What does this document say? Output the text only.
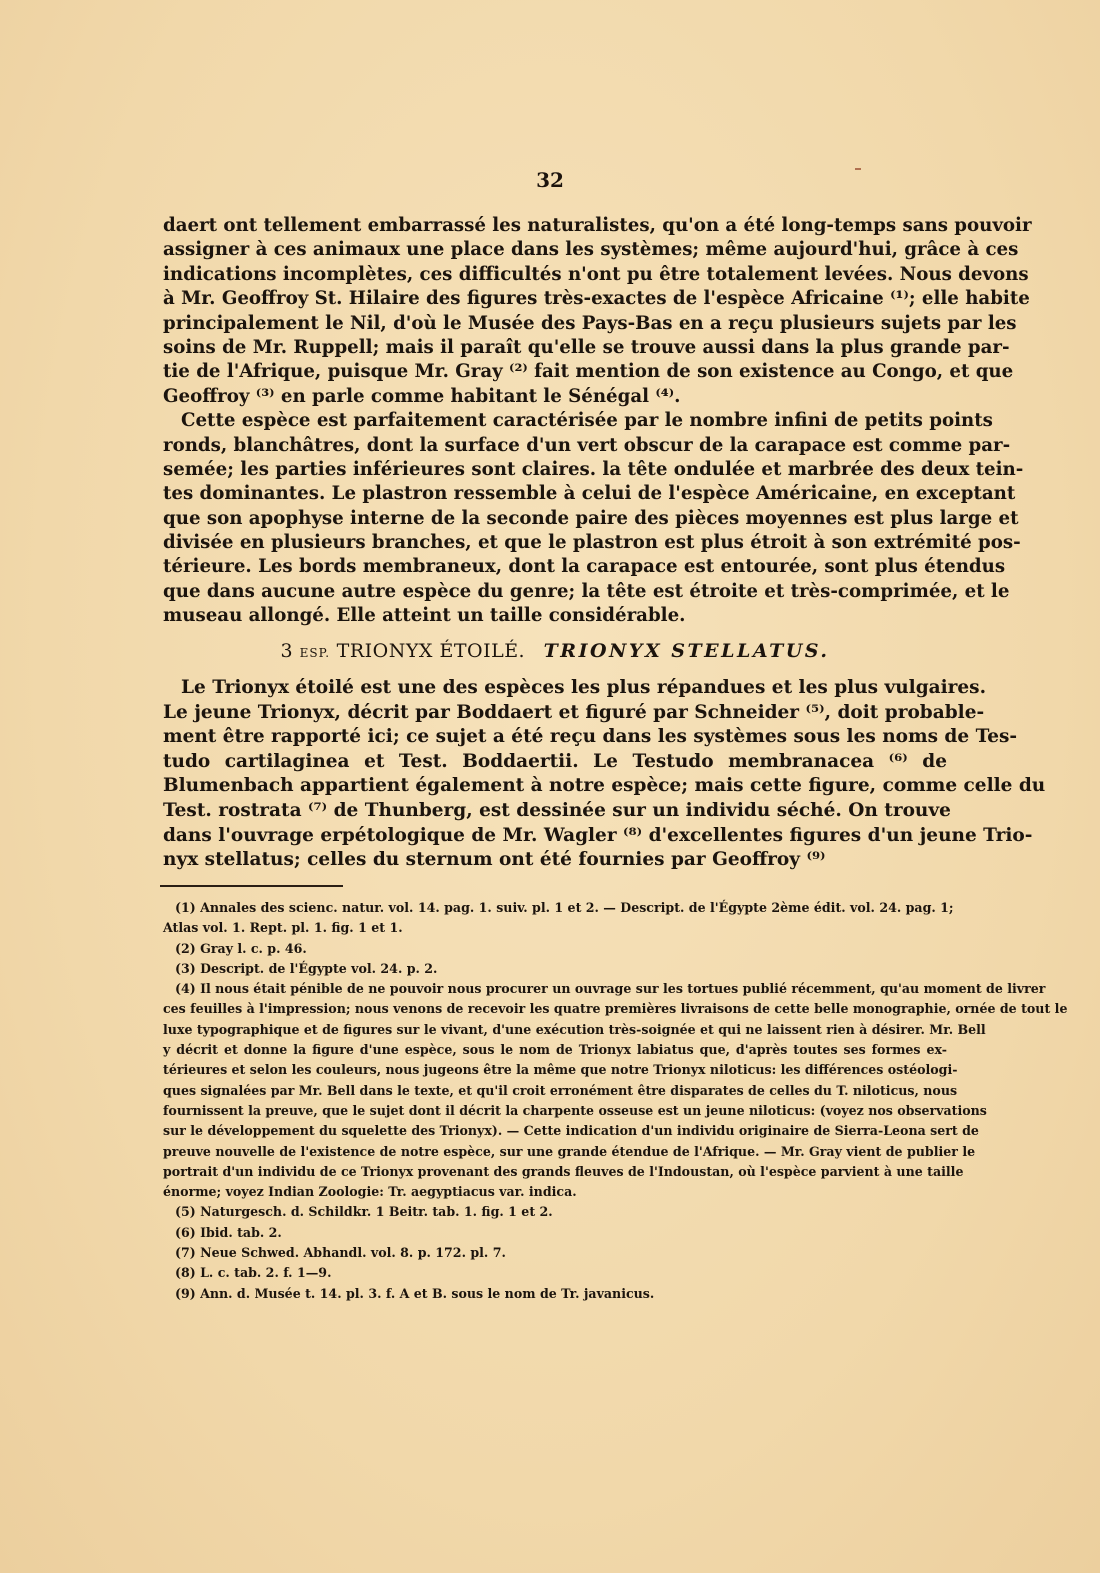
32
daert ont tellement embarrassé les naturalistes, qu'on a été long-temps sans pouvoir
assigner à ces animaux une place dans les systèmes; même aujourd'hui, grâce à ces
indications incomplètes, ces difficultés n'ont pu être totalement levées. Nous devons
à Mr. Geoffroy St. Hilaire des figures très-exactes de l'espèce Africaine ⁽¹⁾; elle habite
principalement le Nil, d'où le Musée des Pays-Bas en a reçu plusieurs sujets par les
soins de Mr. Ruppell; mais il paraît qu'elle se trouve aussi dans la plus grande par-
tie de l'Afrique, puisque Mr. Gray ⁽²⁾ fait mention de son existence au Congo, et que
Geoffroy ⁽³⁾ en parle comme habitant le Sénégal ⁽⁴⁾.
Cette espèce est parfaitement caractérisée par le nombre infini de petits points
ronds, blanchâtres, dont la surface d'un vert obscur de la carapace est comme par-
semée; les parties inférieures sont claires. la tête ondulée et marbrée des deux tein-
tes dominantes. Le plastron ressemble à celui de l'espèce Américaine, en exceptant
que son apophyse interne de la seconde paire des pièces moyennes est plus large et
divisée en plusieurs branches, et que le plastron est plus étroit à son extrémité pos-
térieure. Les bords membraneux, dont la carapace est entourée, sont plus étendus
que dans aucune autre espèce du genre; la tête est étroite et très-comprimée, et le
museau allongé. Elle atteint un taille considérable.
3 ESP. TRIONYX ÉTOILÉ. TRIONYX STELLATUS.
Le Trionyx étoilé est une des espèces les plus répandues et les plus vulgaires.
Le jeune Trionyx, décrit par Boddaert et figuré par Schneider ⁽⁵⁾, doit probable-
ment être rapporté ici; ce sujet a été reçu dans les systèmes sous les noms de Tes-
tudo cartilaginea et Test. Boddaertii. Le Testudo membranacea ⁽⁶⁾ de
Blumenbach appartient également à notre espèce; mais cette figure, comme celle du
Test. rostrata ⁽⁷⁾ de Thunberg, est dessinée sur un individu séché. On trouve
dans l'ouvrage erpétologique de Mr. Wagler ⁽⁸⁾ d'excellentes figures d'un jeune Trio-
nyx stellatus; celles du sternum ont été fournies par Geoffroy ⁽⁹⁾
(1) Annales des scienc. natur. vol. 14. pag. 1. suiv. pl. 1 et 2. — Descript. de l'Égypte 2ème édit. vol. 24. pag. 1;
Atlas vol. 1. Rept. pl. 1. fig. 1 et 1.
(2) Gray l. c. p. 46.
(3) Descript. de l'Égypte vol. 24. p. 2.
(4) Il nous était pénible de ne pouvoir nous procurer un ouvrage sur les tortues publié récemment, qu'au moment de livrer
ces feuilles à l'impression; nous venons de recevoir les quatre premières livraisons de cette belle monographie, ornée de tout le
luxe typographique et de figures sur le vivant, d'une exécution très-soignée et qui ne laissent rien à désirer. Mr. Bell
y décrit et donne la figure d'une espèce, sous le nom de Trionyx labiatus que, d'après toutes ses formes ex-
térieures et selon les couleurs, nous jugeons être la même que notre Trionyx niloticus: les différences ostéologi-
ques signalées par Mr. Bell dans le texte, et qu'il croit erronément être disparates de celles du T. niloticus, nous
fournissent la preuve, que le sujet dont il décrit la charpente osseuse est un jeune niloticus: (voyez nos observations
sur le développement du squelette des Trionyx). — Cette indication d'un individu originaire de Sierra-Leona sert de
preuve nouvelle de l'existence de notre espèce, sur une grande étendue de l'Afrique. — Mr. Gray vient de publier le
portrait d'un individu de ce Trionyx provenant des grands fleuves de l'Indoustan, où l'espèce parvient à une taille
énorme; voyez Indian Zoologie: Tr. aegyptiacus var. indica.
(5) Naturgesch. d. Schildkr. 1 Beitr. tab. 1. fig. 1 et 2.
(6) Ibid. tab. 2.
(7) Neue Schwed. Abhandl. vol. 8. p. 172. pl. 7.
(8) L. c. tab. 2. f. 1—9.
(9) Ann. d. Musée t. 14. pl. 3. f. A et B. sous le nom de Tr. javanicus.
